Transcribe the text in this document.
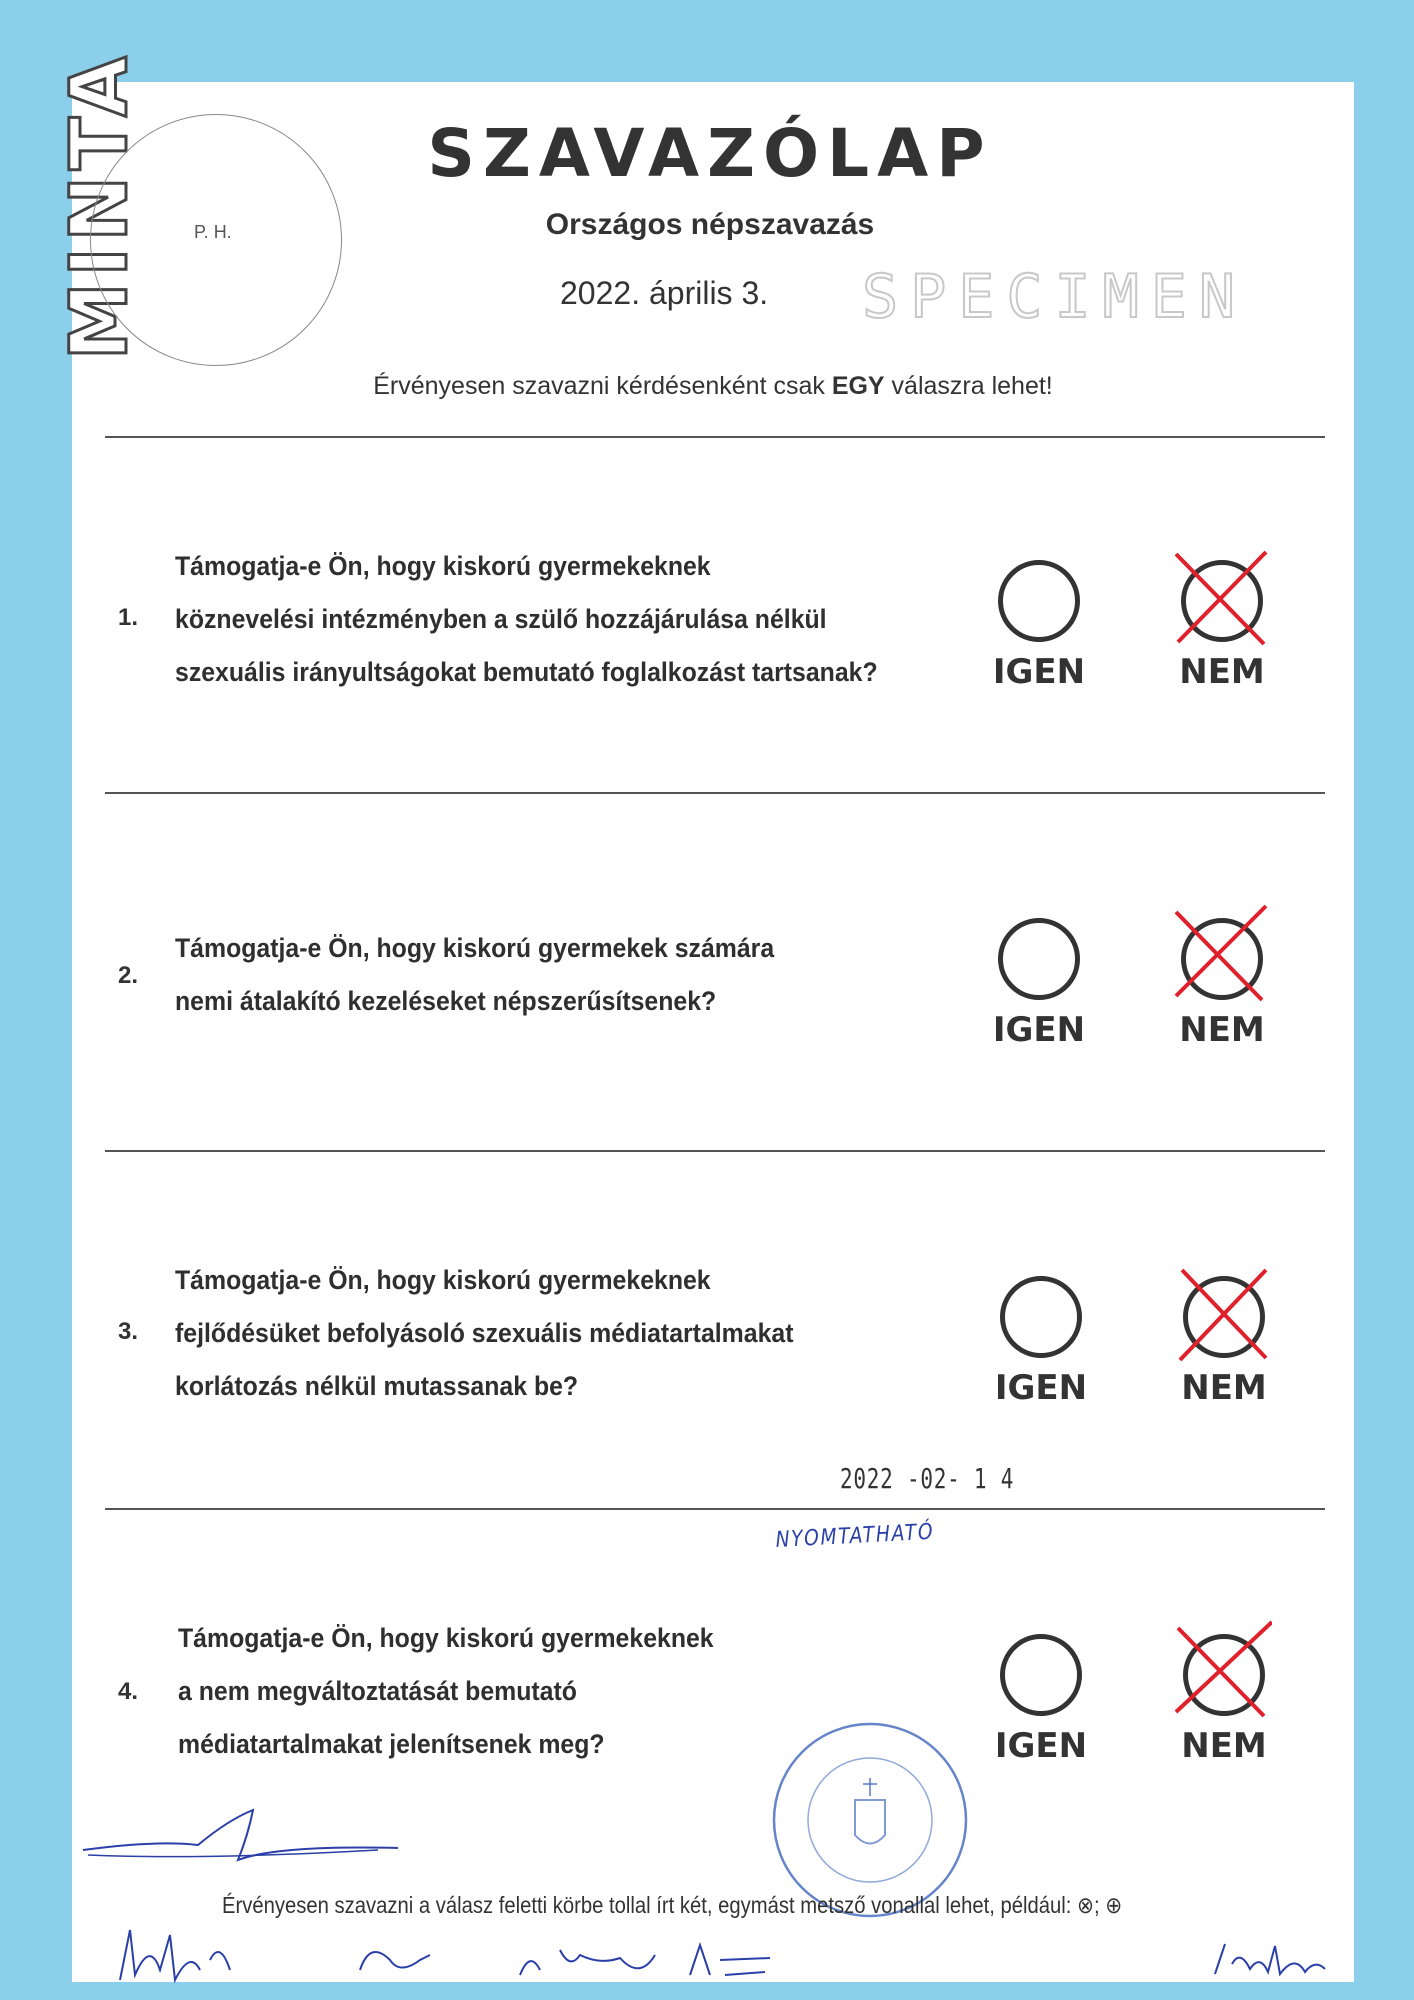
MINTA	P. H.
SZAVAZÓLAP
Országos népszavazás
2022. április 3. SPECIMEN
Érvényesen szavazni kérdésenként csak EGY válaszra lehet!
1.
Támogatja-e Ön, hogy kiskorú gyermekeknek
köznevelési intézményben a szülő hozzájárulása nélkül
szexuális irányultságokat bemutató foglalkozást tartsanak?	IGEN	NEM
2.
Támogatja-e Ön, hogy kiskorú gyermekek számára
nemi átalakító kezeléseket népszerűsítsenek?
IGEN	NEM
3.
Támogatja-e Ön, hogy kiskorú gyermekeknek
fejlődésüket befolyásoló szexuális médiatartalmakat
korlátozás nélkül mutassanak be?	IGEN	NEM
2022 -02- 1 4
NYOMTATHATÓ
4.
Támogatja-e Ön, hogy kiskorú gyermekeknek
a nem megváltoztatását bemutató
médiatartalmakat jelenítsenek meg?	IGEN	NEM
Érvényesen szavazni a válasz feletti körbe tollal írt két, egymást metsző vonallal lehet, például: ⊗; ⊕
